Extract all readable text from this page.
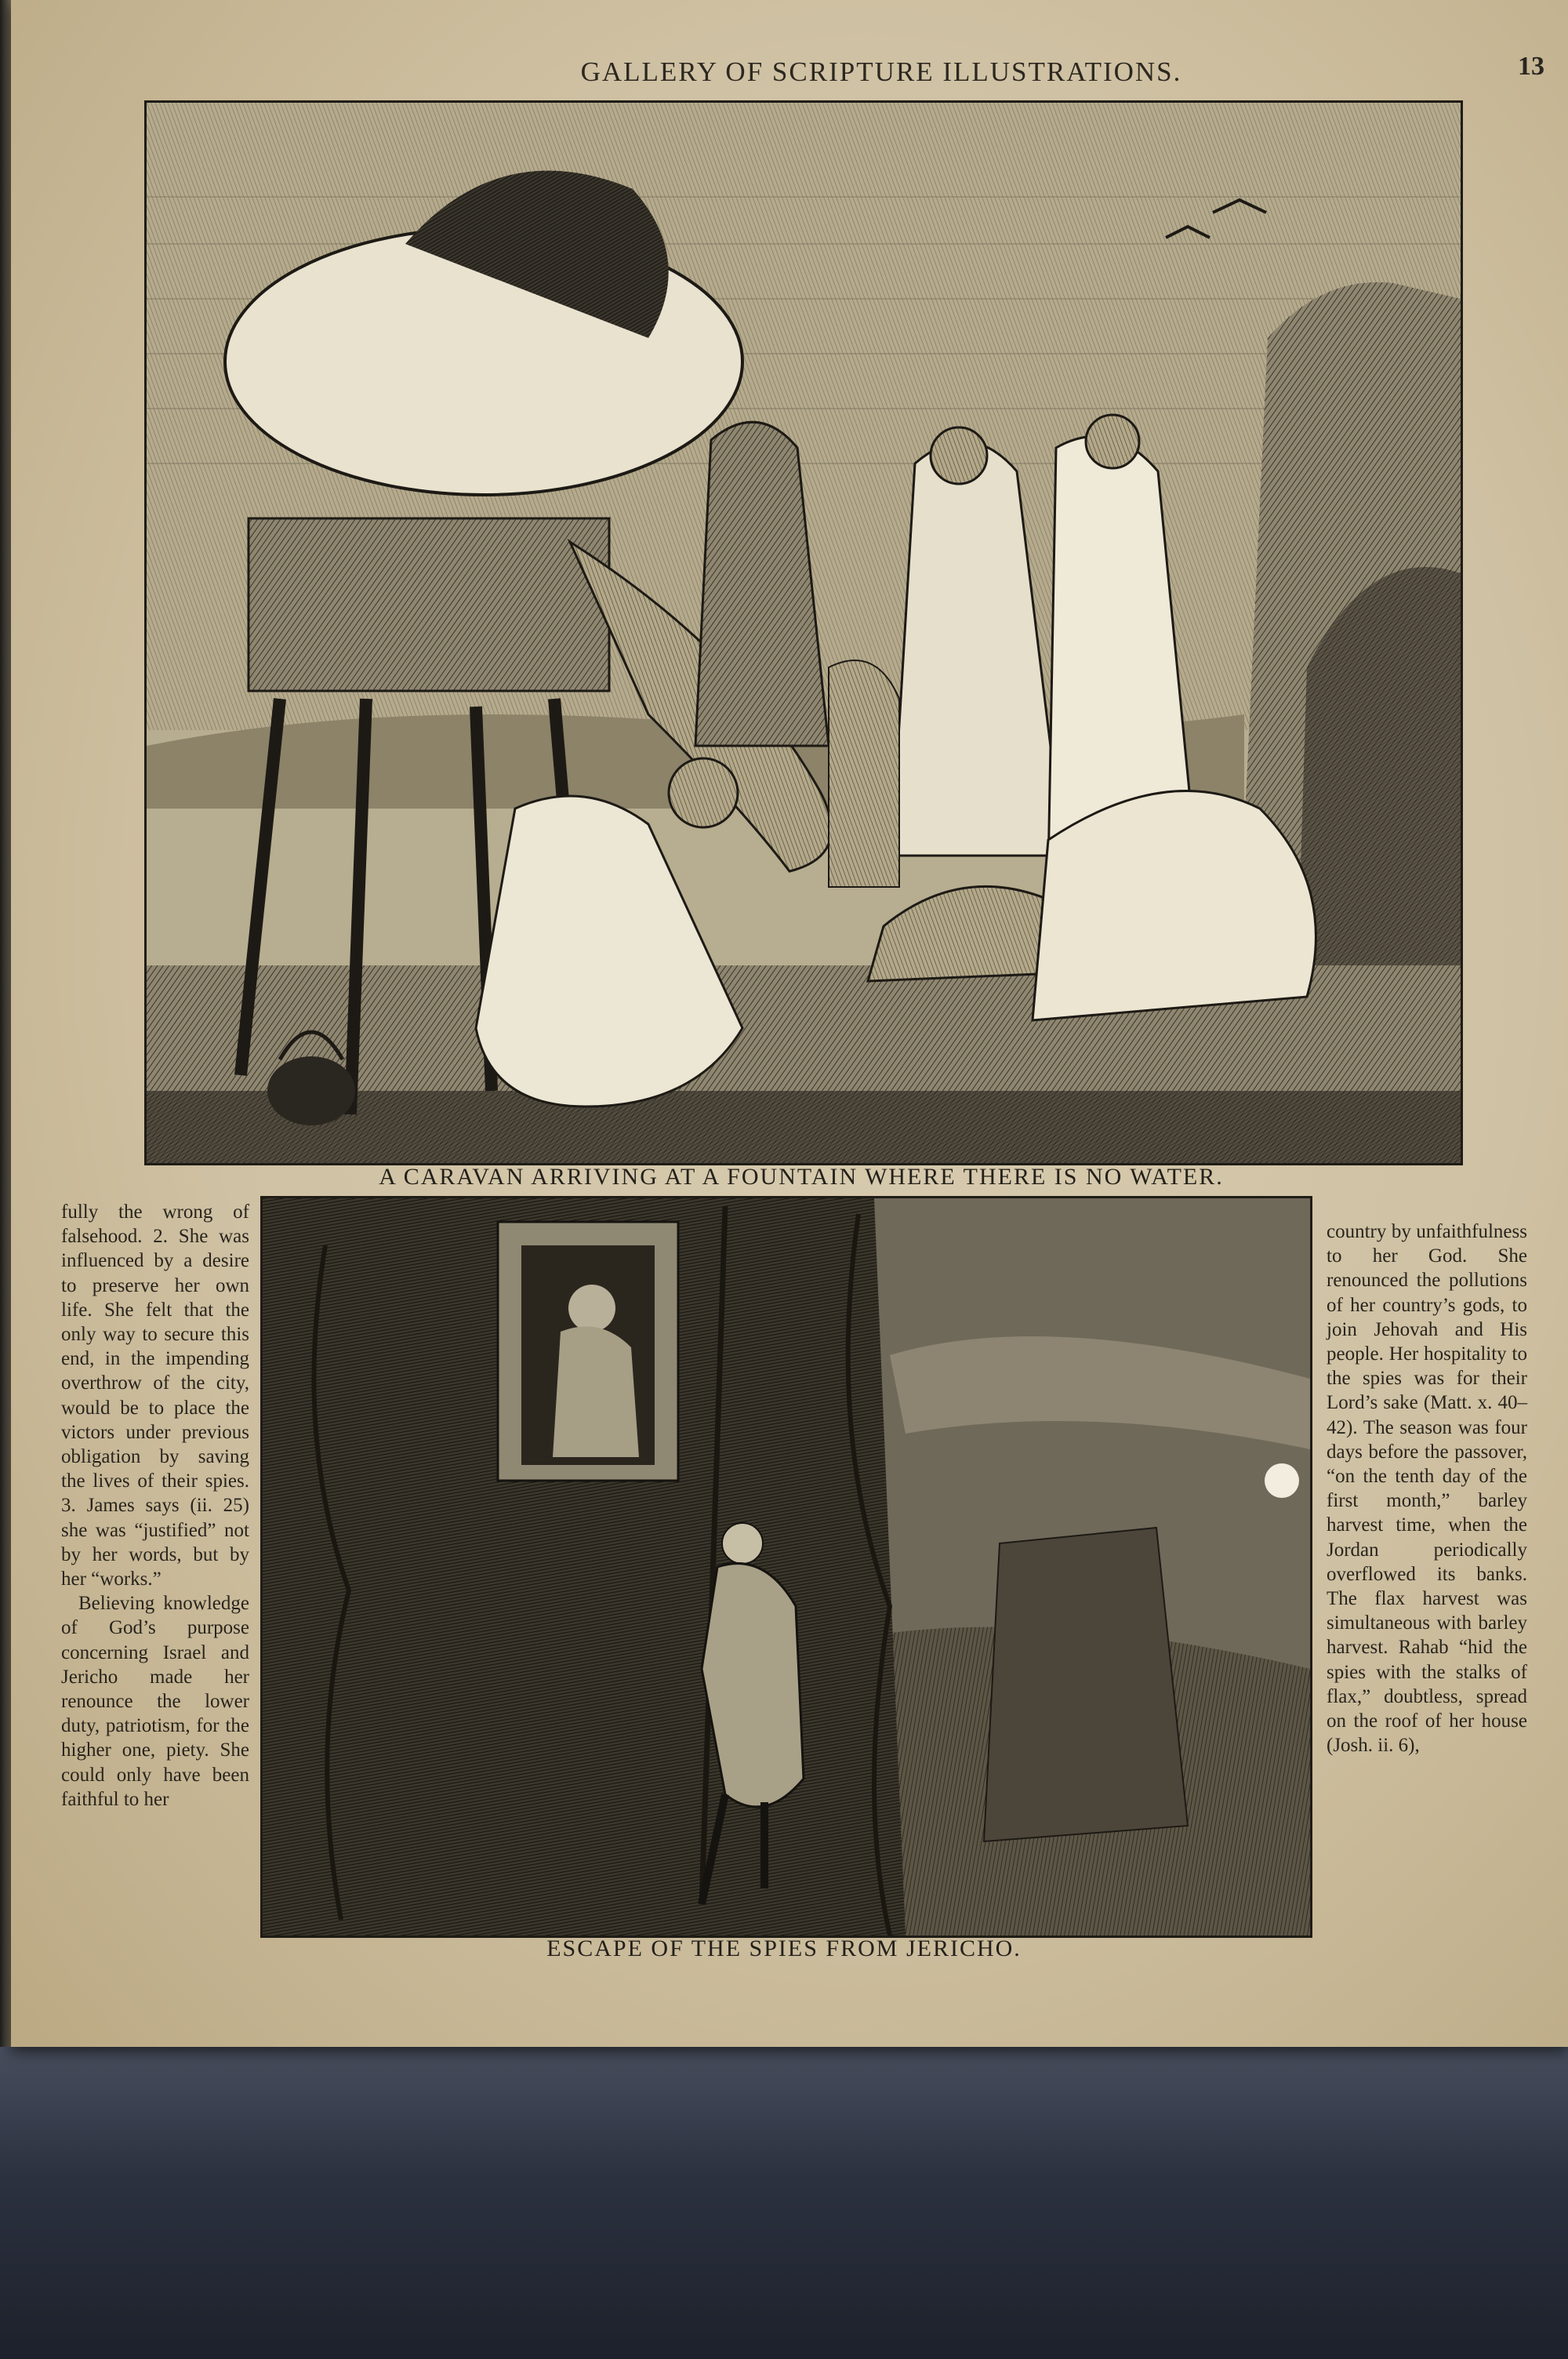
GALLERY OF SCRIPTURE ILLUSTRATIONS.	13
A CARAVAN ARRIVING AT A FOUNTAIN WHERE THERE IS NO WATER.

fully the wrong of falsehood. 2. She was influenced by a desire to preserve her own life. She felt that the only way to secure this end, in the impending overthrow of the city, would be to place the victors under previous obligation by saving the lives of their spies. 3. James says (ii. 25) she was “justified” not by her words, but by her “works.”

Believing knowledge of God’s purpose concerning Israel and Jericho made her renounce the lower duty, patriotism, for the higher one, piety. She could only have been faithful to her

ESCAPE OF THE SPIES FROM JERICHO.

country by unfaithfulness to her God. She renounced the pollutions of her country’s gods, to join Jehovah and His people. Her hospitality to the spies was for their Lord’s sake (Matt. x. 40–42). The season was four days before the passover, “on the tenth day of the first month,” barley harvest time, when the Jordan periodically overflowed its banks. The flax harvest was simultaneous with barley harvest. Rahab “hid the spies with the stalks of flax,” doubtless, spread on the roof of her house (Josh. ii. 6),
